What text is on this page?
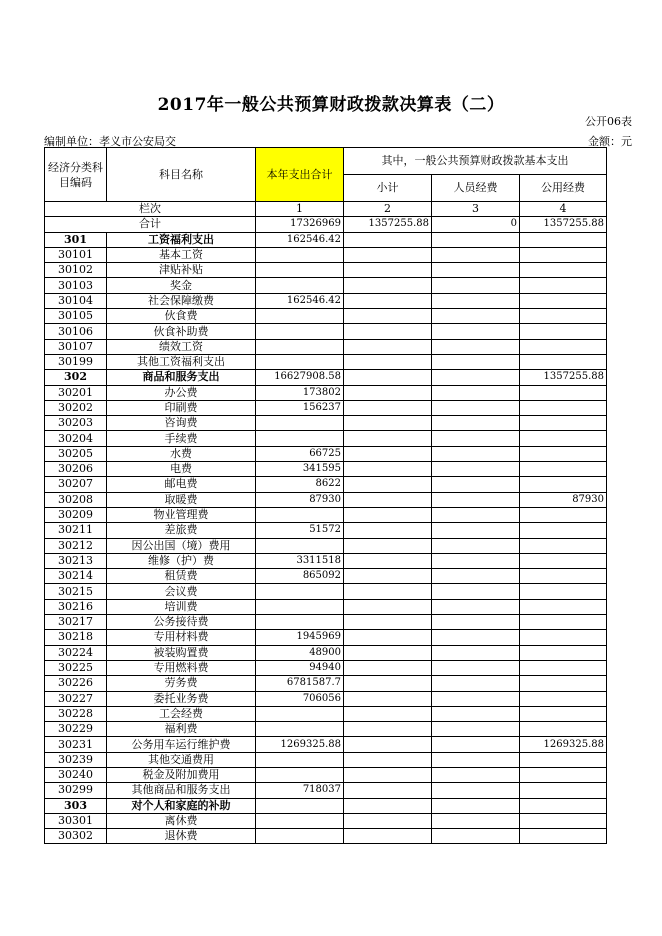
2017年一般公共预算财政拨款决算表（二）
公开06表
编制单位：孝义市公安局交	金额：元
经济分类科目编码	科目名称	本年支出合计	其中，一般公共预算财政拨款基本支出		
			小计	人员经费	公用经费
栏次		1	2	3	4
合计		17326969	1357255.88	0	1357255.88
301	工资福利支出	162546.42			
30101	基本工资				
30102	津贴补贴				
30103	奖金				
30104	社会保障缴费	162546.42			
30105	伙食费				
30106	伙食补助费				
30107	绩效工资				
30199	其他工资福利支出				
302	商品和服务支出	16627908.58			1357255.88
30201	办公费	173802			
30202	印刷费	156237			
30203	咨询费				
30204	手续费				
30205	水费	66725			
30206	电费	341595			
30207	邮电费	8622			
30208	取暖费	87930			87930
30209	物业管理费				
30211	差旅费	51572			
30212	因公出国（境）费用				
30213	维修（护）费	3311518			
30214	租赁费	865092			
30215	会议费				
30216	培训费				
30217	公务接待费				
30218	专用材料费	1945969			
30224	被装购置费	48900			
30225	专用燃料费	94940			
30226	劳务费	6781587.7			
30227	委托业务费	706056			
30228	工会经费				
30229	福利费				
30231	公务用车运行维护费	1269325.88			1269325.88
30239	其他交通费用				
30240	税金及附加费用				
30299	其他商品和服务支出	718037			
303	对个人和家庭的补助				
30301	离休费				
30302	退休费				
